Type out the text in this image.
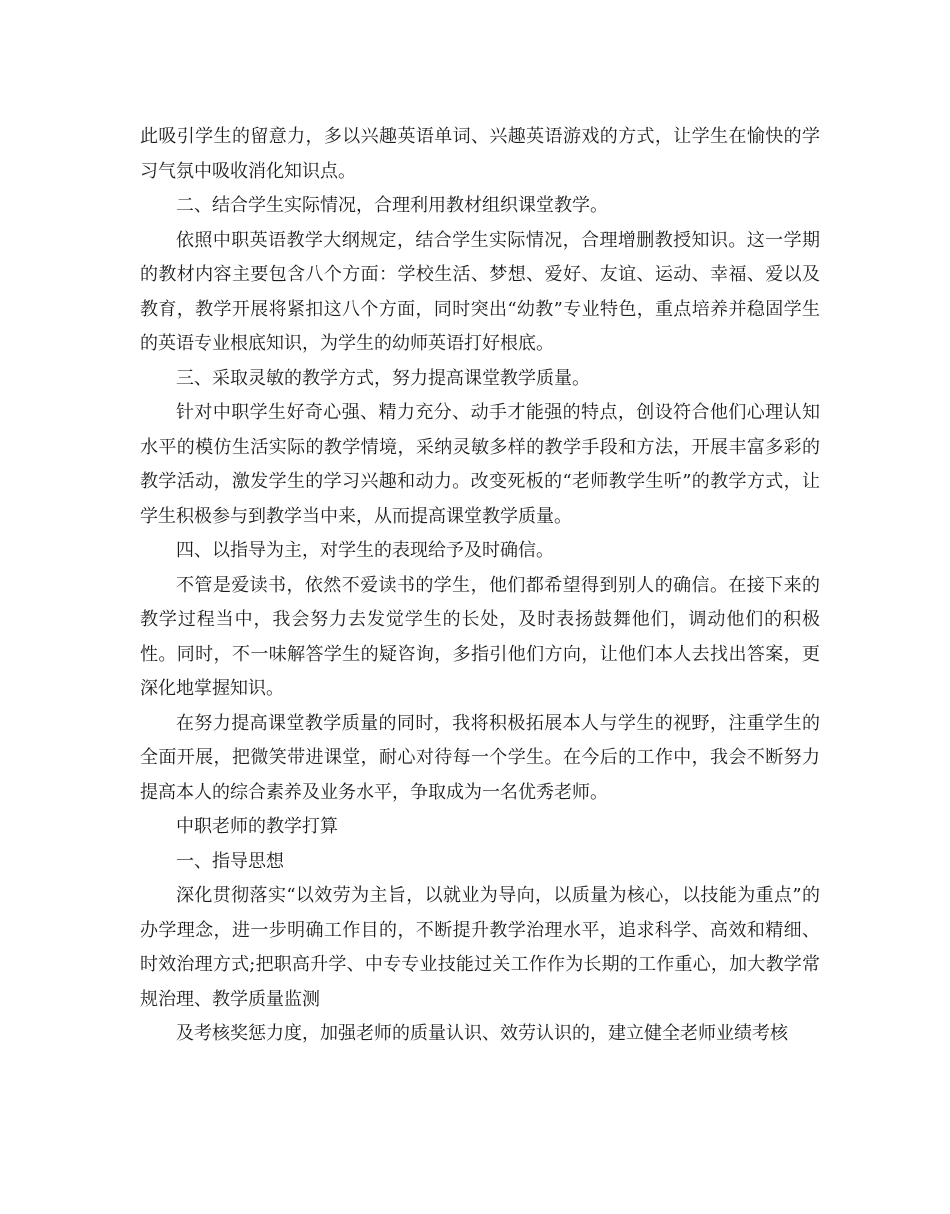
此吸引学生的留意力，多以兴趣英语单词、兴趣英语游戏的方式，让学生在愉快的学习气氛中吸收消化知识点。

二、结合学生实际情况，合理利用教材组织课堂教学。

依照中职英语教学大纲规定，结合学生实际情况，合理增删教授知识。这一学期的教材内容主要包含八个方面：学校生活、梦想、爱好、友谊、运动、幸福、爱以及教育，教学开展将紧扣这八个方面，同时突出“幼教”专业特色，重点培养并稳固学生的英语专业根底知识，为学生的幼师英语打好根底。

三、采取灵敏的教学方式，努力提高课堂教学质量。

针对中职学生好奇心强、精力充分、动手才能强的特点，创设符合他们心理认知水平的模仿生活实际的教学情境，采纳灵敏多样的教学手段和方法，开展丰富多彩的教学活动，激发学生的学习兴趣和动力。改变死板的“老师教学生听”的教学方式，让学生积极参与到教学当中来，从而提高课堂教学质量。

四、以指导为主，对学生的表现给予及时确信。

不管是爱读书，依然不爱读书的学生，他们都希望得到别人的确信。在接下来的教学过程当中，我会努力去发觉学生的长处，及时表扬鼓舞他们，调动他们的积极性。同时，不一味解答学生的疑咨询，多指引他们方向，让他们本人去找出答案，更深化地掌握知识。

在努力提高课堂教学质量的同时，我将积极拓展本人与学生的视野，注重学生的全面开展，把微笑带进课堂，耐心对待每一个学生。在今后的工作中，我会不断努力提高本人的综合素养及业务水平，争取成为一名优秀老师。

中职老师的教学打算

一、指导思想

深化贯彻落实“以效劳为主旨，以就业为导向，以质量为核心，以技能为重点”的办学理念，进一步明确工作目的，不断提升教学治理水平，追求科学、高效和精细、时效治理方式;把职高升学、中专专业技能过关工作作为长期的工作重心，加大教学常规治理、教学质量监测

及考核奖惩力度，加强老师的质量认识、效劳认识的，建立健全老师业绩考核
